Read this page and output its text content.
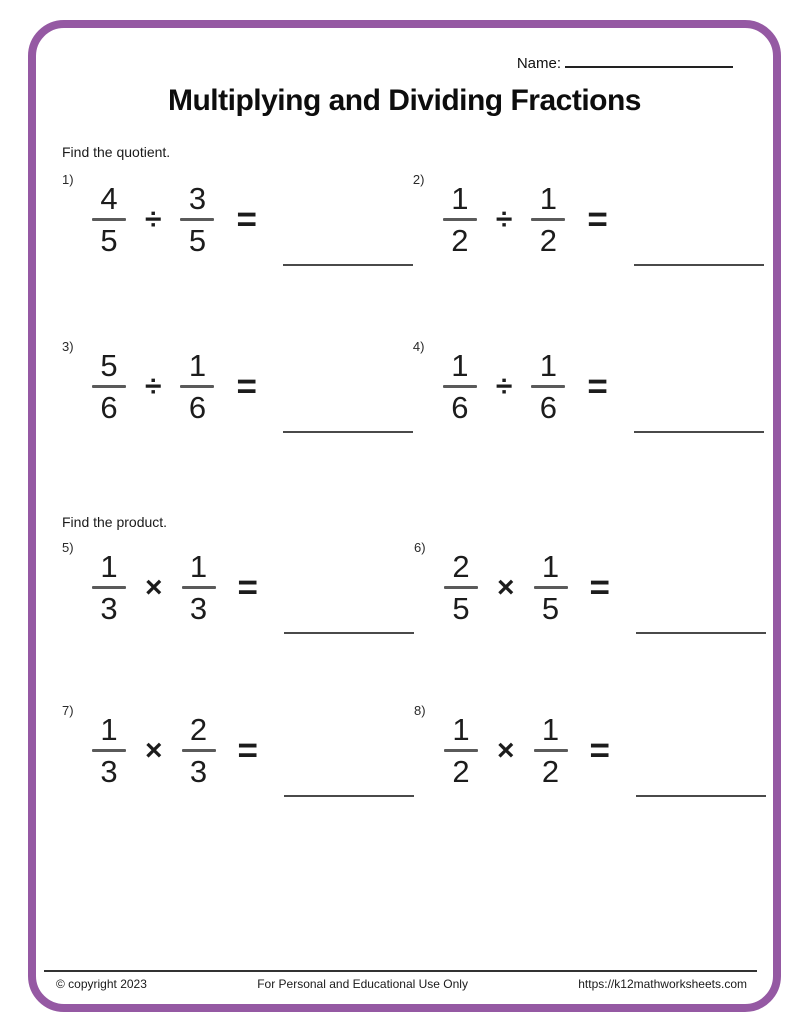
Name:
Multiplying and Dividing Fractions
Find the quotient.
1)
$\frac{4}{5} \div \frac{3}{5}$ =
2)
$\frac{1}{2} \div \frac{1}{2}$ =
3)
$\frac{5}{6} \div \frac{1}{6}$ =
4)
$\frac{1}{6} \div \frac{1}{6}$ =
Find the product.
5)
$\frac{1}{3} \times \frac{1}{3}$ =
6)
$\frac{2}{5} \times \frac{1}{5}$ =
7)
$\frac{1}{3} \times \frac{2}{3}$ =
8)
$\frac{1}{2} \times \frac{1}{2}$ =
© copyright 2023	For Personal and Educational Use Only	https://k12mathworksheets.com
